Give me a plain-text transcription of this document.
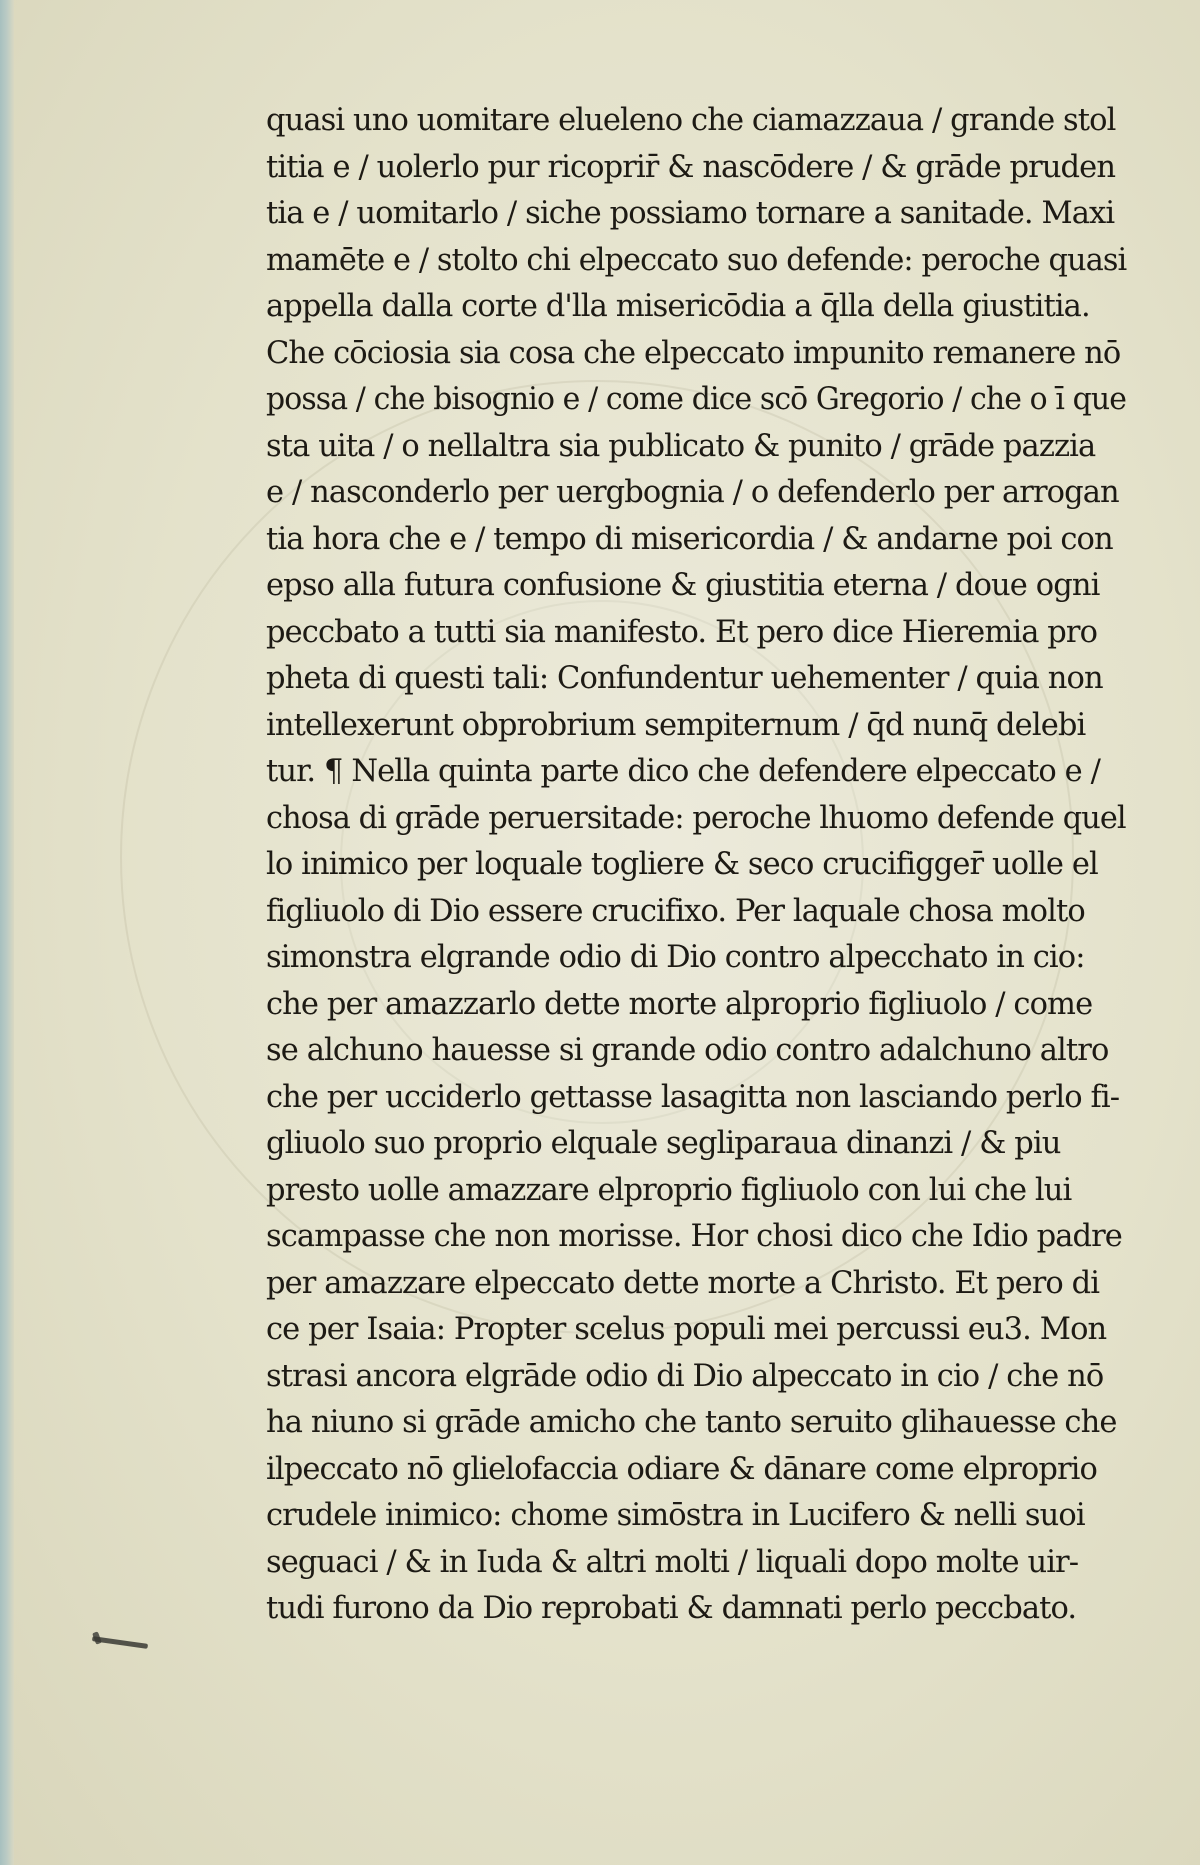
quasi uno uomitare eluelenо che ciamazzaua / grande stol
titia e / uolerlo pur ricoprir̄ & nascōdere / & grāde pruden
tia e / uomitarlo / siche possiamo tornare a sanitade. Maxi
mamēte e / stolto chi elpeccato suo defende: peroche quasi
appella dalla corte d'lla misericōdia a q̄lla della giustitia.
Che cōciosia sia cosa che elpeccato impunito remanere nō
possa / che bisognio e / come dice scō Gregorio / che o ī que
sta uita / o nellaltra sia publicato & punito / grāde pazzia
e / nasconderlo per uergbognia / o defenderlo per arrogan
tia hora che e / tempo di misericordia / & andarne poi con
epso alla futura confusione & giustitia eterna / doue ogni
peccbato a tutti sia manifesto. Et pero dice Hieremia pro
pheta di questi tali: Confundentur uehementer / quia non
intellexerunt obprobrium sempiternum / q̄d nunq̄ delebi
tur. ¶ Nella quinta parte dico che defendere elpeccato e /
chosa di grāde peruersitade: peroche lhuomo defende quel
lo inimico per loquale togliere & seco crucifigger̄ uolle el
figliuolo di Dio essere crucifixo. Per laquale chosa molto
simonstra elgrande odio di Dio contro alpecchato in cio:
che per amazzarlo dette morte alproprio figliuolo / come
se alchuno hauesse si grande odio contro adalchuno altro
che per ucciderlo gettasse lasagitta non lasciando perlo fi-
gliuolo suo proprio elquale segliparaua dinanzi / & piu
presto uolle amazzare elproprio figliuolo con lui che lui
scampasse che non morisse. Hor chosi dico che Idio padre
per amazzare elpeccato dette morte a Christo. Et pero di
ce per Isaia: Propter scelus populi mei percussi eu3. Mon
strasi ancora elgrāde odio di Dio alpeccato in cio / che nō
ha niuno si grāde amicho che tanto seruito glihauesse che
ilpeccato nō glielofaccia odiare & dānare come elproprio
crudele inimico: chome simōstra in Lucifero & nelli suoi
seguaci / & in Iuda & altri molti / liquali dopo molte uir-
tudi furono da Dio reprobati & damnati perlo peccbato.
